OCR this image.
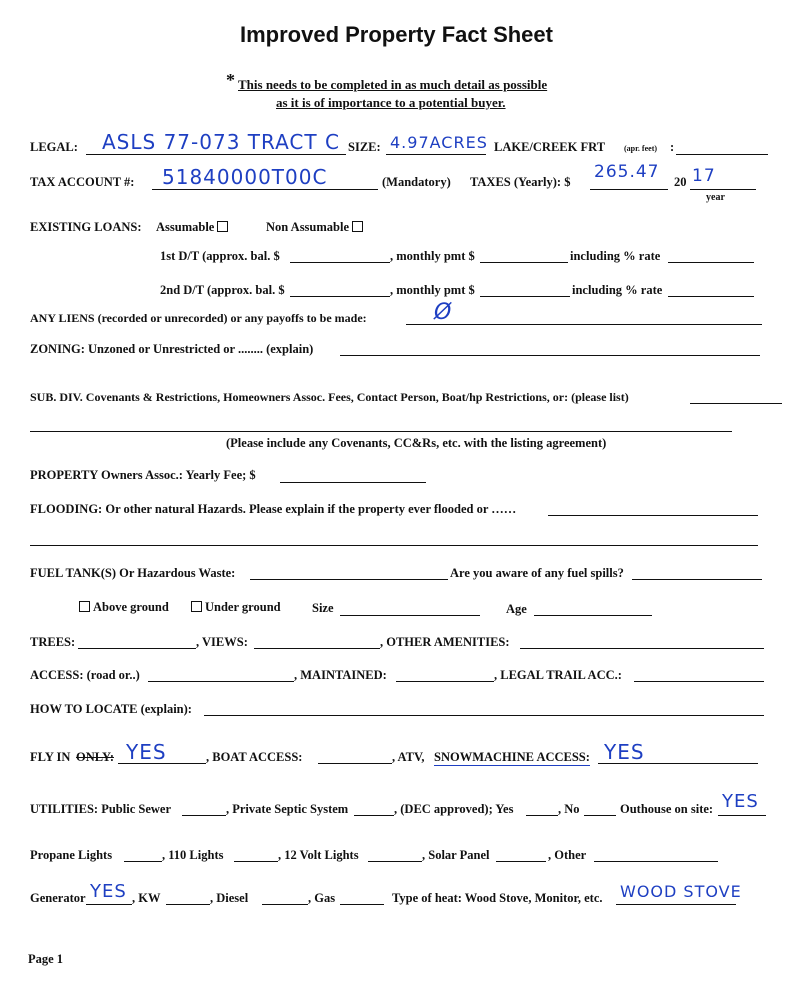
Improved Property Fact Sheet
* This needs to be completed in as much detail as possible
as it is of importance to a potential buyer.
LEGAL: ASLS 77-073 TRACT C SIZE: 4.97ACRES LAKE/CREEK FRT (apr. feet) :
TAX ACCOUNT #: 51840000T00C	(Mandatory) TAXES (Yearly): $ 265.47 20 17
year
EXISTING LOANS: Assumable	Non Assumable
1st D/T (approx. bal. $	, monthly pmt $	including % rate
2nd D/T (approx. bal. $	, monthly pmt $	including % rate
ANY LIENS (recorded or unrecorded) or any payoffs to be made:	Ø
ZONING: Unzoned or Unrestricted or ........ (explain)
SUB. DIV. Covenants & Restrictions, Homeowners Assoc. Fees, Contact Person, Boat/hp Restrictions, or: (please list)
(Please include any Covenants, CC&Rs, etc. with the listing agreement)
PROPERTY Owners Assoc.: Yearly Fee; $
FLOODING: Or other natural Hazards. Please explain if the property ever flooded or ……
FUEL TANK(S) Or Hazardous Waste:	Are you aware of any fuel spills?
Above ground	Under ground	Size	Age
TREES:	, VIEWS:	, OTHER AMENITIES:
ACCESS: (road or..)	, MAINTAINED:	, LEGAL TRAIL ACC.:
HOW TO LOCATE (explain):
FLY IN ONLY: YES	, BOAT ACCESS:	, ATV, SNOWMACHINE ACCESS: YES
UTILITIES: Public Sewer	, Private Septic System	, (DEC approved); Yes	, No	Outhouse on site: YES
Propane Lights	, 110 Lights	, 12 Volt Lights	, Solar Panel	, Other
Generator YES , KW	, Diesel	, Gas	Type of heat: Wood Stove, Monitor, etc. WOOD STOVE
Page 1
